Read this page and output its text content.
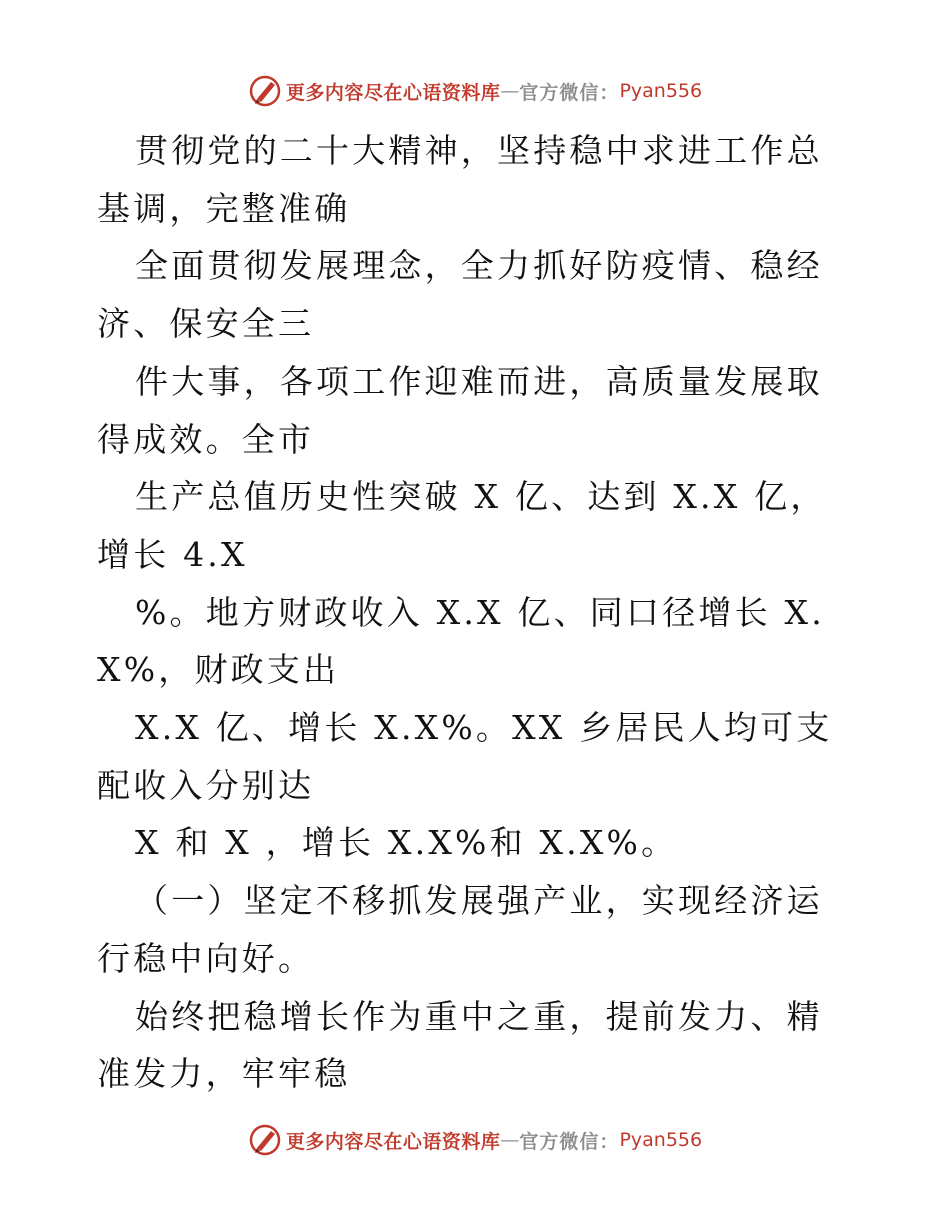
更多内容尽在心语资料库 — 官方微信： Pyan556

贯彻党的二十大精神，坚持稳中求进工作总基调，完整准确

全面贯彻发展理念，全力抓好防疫情、稳经济、保安全三

件大事，各项工作迎难而进，高质量发展取得成效。全市

生产总值历史性突破 X 亿、达到 X.X 亿，增长 4.X

%。地方财政收入 X.X 亿、同口径增长 X.X%，财政支出

X.X 亿、增长 X.X%。XX 乡居民人均可支配收入分别达

X 和 X ，增长 X.X%和 X.X%。

（一）坚定不移抓发展强产业，实现经济运行稳中向好。

始终把稳增长作为重中之重，提前发力、精准发力，牢牢稳

更多内容尽在心语资料库 — 官方微信： Pyan556
